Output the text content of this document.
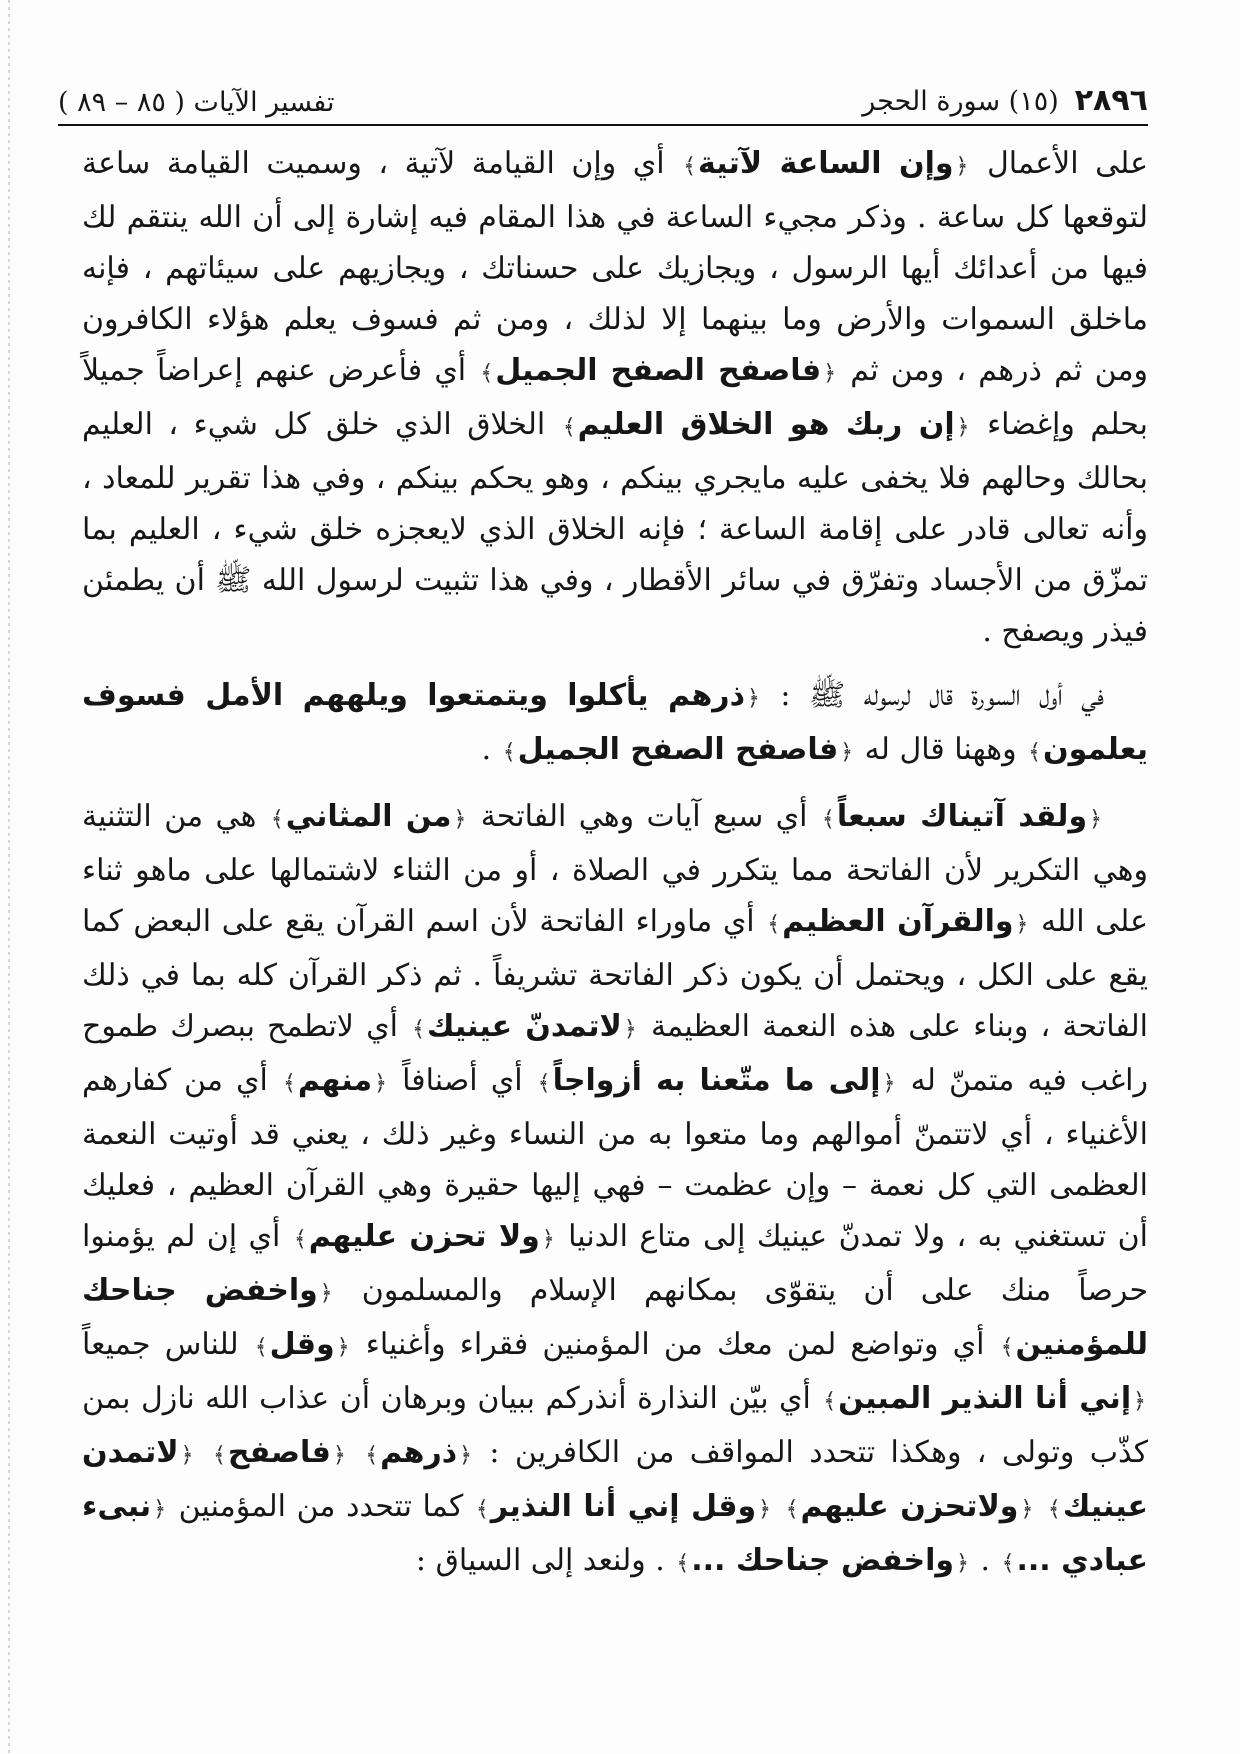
٢٨٩٦
(١٥) سورة الحجر
تفسير الآيات ( ٨٥ – ٨٩ )

على الأعمال ﴿وإن الساعة لآتية﴾ أي وإن القيامة لآتية ، وسميت القيامة ساعة لتوقعها كل ساعة . وذكر مجيء الساعة في هذا المقام فيه إشارة إلى أن الله ينتقم لك فيها من أعدائك أيها الرسول ، ويجازيك على حسناتك ، ويجازيهم على سيئاتهم ، فإنه ماخلق السموات والأرض وما بينهما إلا لذلك ، ومن ثم فسوف يعلم هؤلاء الكافرون ومن ثم ذرهم ، ومن ثم ﴿فاصفح الصفح الجميل﴾ أي فأعرض عنهم إعراضاً جميلاً بحلم وإغضاء ﴿إن ربك هو الخلاق العليم﴾ الخلاق الذي خلق كل شيء ، العليم بحالك وحالهم فلا يخفى عليه مايجري بينكم ، وهو يحكم بينكم ، وفي هذا تقرير للمعاد ، وأنه تعالى قادر على إقامة الساعة ؛ فإنه الخلاق الذي لايعجزه خلق شيء ، العليم بما تمزّق من الأجساد وتفرّق في سائر الأقطار ، وفي هذا تثبيت لرسول الله ﷺ أن يطمئن فيذر ويصفح .

في أول السورة قال لرسوله ﷺ : ﴿ذرهم يأكلوا ويتمتعوا ويلههم الأمل فسوف يعلمون﴾ وههنا قال له ﴿فاصفح الصفح الجميل﴾ .

﴿ولقد آتيناك سبعاً﴾ أي سبع آيات وهي الفاتحة ﴿من المثاني﴾ هي من التثنية وهي التكرير لأن الفاتحة مما يتكرر في الصلاة ، أو من الثناء لاشتمالها على ماهو ثناء على الله ﴿والقرآن العظيم﴾ أي ماوراء الفاتحة لأن اسم القرآن يقع على البعض كما يقع على الكل ، ويحتمل أن يكون ذكر الفاتحة تشريفاً . ثم ذكر القرآن كله بما في ذلك الفاتحة ، وبناء على هذه النعمة العظيمة ﴿لاتمدنّ عينيك﴾ أي لاتطمح ببصرك طموح راغب فيه متمنّ له ﴿إلى ما متّعنا به أزواجاً﴾ أي أصنافاً ﴿منهم﴾ أي من كفارهم الأغنياء ، أي لاتتمنّ أموالهم وما متعوا به من النساء وغير ذلك ، يعني قد أوتيت النعمة العظمى التي كل نعمة – وإن عظمت – فهي إليها حقيرة وهي القرآن العظيم ، فعليك أن تستغني به ، ولا تمدنّ عينيك إلى متاع الدنيا ﴿ولا تحزن عليهم﴾ أي إن لم يؤمنوا حرصاً منك على أن يتقوّى بمكانهم الإسلام والمسلمون ﴿واخفض جناحك للمؤمنين﴾ أي وتواضع لمن معك من المؤمنين فقراء وأغنياء ﴿وقل﴾ للناس جميعاً ﴿إني أنا النذير المبين﴾ أي بيّن النذارة أنذركم ببيان وبرهان أن عذاب الله نازل بمن كذّب وتولى ، وهكذا تتحدد المواقف من الكافرين : ﴿ذرهم﴾ ﴿فاصفح﴾ ﴿لاتمدن عينيك﴾ ﴿ولاتحزن عليهم﴾ ﴿وقل إني أنا النذير﴾ كما تتحدد من المؤمنين ﴿نبىء عبادي ...﴾ . ﴿واخفض جناحك ...﴾ . ولنعد إلى السياق :
